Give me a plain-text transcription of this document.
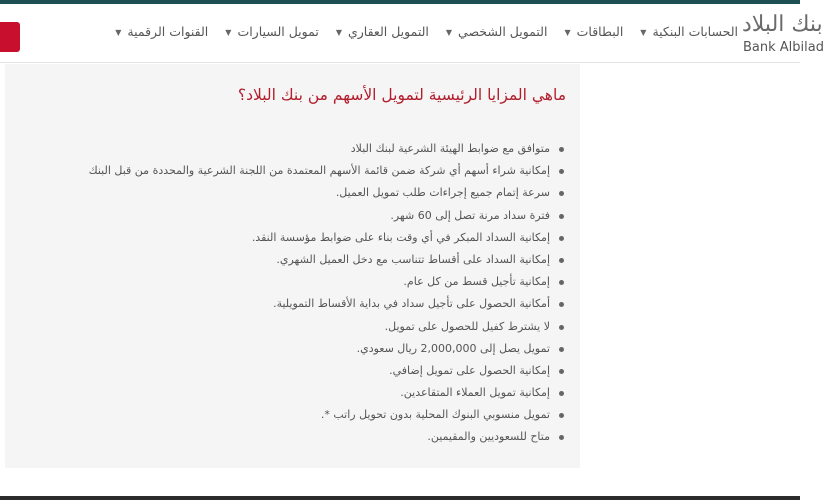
الحسابات البنكية▼البطاقات▼التمويل الشخصي▼التمويل العقاري▼تمويل السيارات▼القنوات الرقمية▼	بنك البلاد
Bank Albilad
ماهي المزايا الرئيسية لتمويل الأسهم من بنك البلاد؟
متوافق مع ضوابط الهيئة الشرعية لبنك البلاد
إمكانية شراء أسهم أي شركة ضمن قائمة الأسهم المعتمدة من اللجنة الشرعية والمحددة من قبل البنك
سرعة إتمام جميع إجراءات طلب تمويل العميل.
فترة سداد مرنة تصل إلى 60 شهر.
إمكانية السداد المبكر في أي وقت بناء على ضوابط مؤسسة النقد.
إمكانية السداد على أقساط تتناسب مع دخل العميل الشهري.
إمكانية تأجيل قسط من كل عام.
أمكانية الحصول على تأجيل سداد في بداية الأقساط التمويلية.
لا يشترط كفيل للحصول على تمويل.
تمويل يصل إلى 2,000,000 ريال سعودي.
إمكانية الحصول على تمويل إضافي.
إمكانية تمويل العملاء المتقاعدين.
تمويل منسوبي البنوك المحلية بدون تحويل راتب *.
متاح للسعوديين والمقيمين.
